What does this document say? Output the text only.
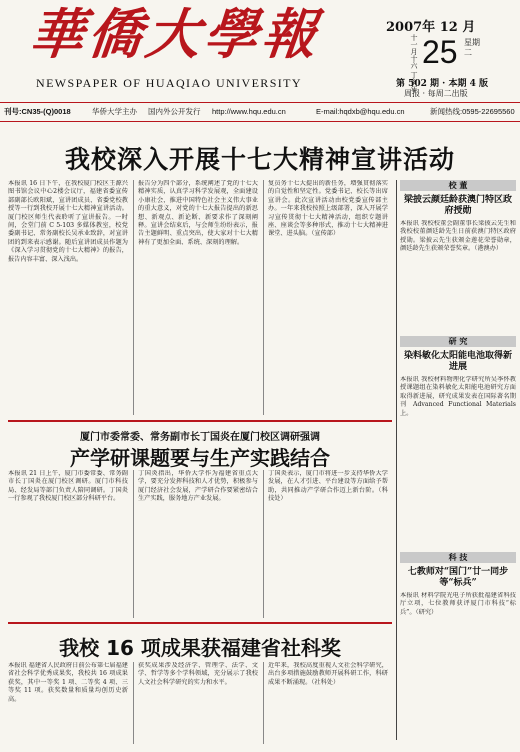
華僑大學報
NEWSPAPER OF HUAQIAO UNIVERSITY
2007年 12 月
十一月十六 丁亥年 25 星期二
第 502 期 · 本期 4 版
周报 · 每周二出版
刊号:CN35-(Q)0018	华侨大学主办 国内外公开发行 http://www.hqu.edu.cn	E-mail:hqdxb@hqu.edu.cn	新闻热线:0595-22695560
我校深入开展十七大精神宣讲活动
本报讯 16 日下午，在我校厦门校区王源兴图书馆会议中心2楼会议厅，福建省委宣传部副部长欧阳斌，宣讲团成员、省委党校教授等一行到我校开展十七大精神宣讲活动。厦门校区师生代表聆听了宣讲报告。一时间，会堂门前 C 5-103 多媒体教室，校党委副书记、常务副校长吴承业致辞，对宣讲团的到来表示感谢。随后宣讲团成员作题为《深入学习贯彻党的十七大精神》的报告，报告内容丰富、深入浅出。
报告分为四个部分，系统阐述了党的十七大精神实质，认真学习科学发展观，全面建设小康社会，推进中国特色社会主义伟大事业的重大意义，对党的十七大报告提出的新思想、新观点、新论断、新要求作了深刻阐释。宣讲会结束后，与会师生纷纷表示，报告主题鲜明、重点突出，使大家对十七大精神有了更加全面、系统、深刻的理解。
复员务十七大提出的新任务，增强贯彻落实的自觉性和坚定性。党委书记、校长等出席宣讲会。此次宣讲活动由校党委宣传部主办。一年来我校按照上级部署，深入开展学习宣传贯彻十七大精神活动，组织专题讲座、座谈会等多种形式，推动十七大精神进课堂、进头脑。（宣传部）
校 董
梁披云颜廷龄获澳门特区政府授勋
本报讯 我校校董会副董事长梁披云先生和我校校董颜廷龄先生日前获澳门特区政府授勋。梁披云先生获颁金莲花荣誉勋章，颜廷龄先生获颁荣誉奖章。（港澳办）
研 究
染料敏化太阳能电池取得新进展
本报讯 我校材料物理化学研究所吴季怀教授课题组在染料敏化太阳能电池研究方面取得新进展，研究成果发表在国际著名期刊 Advanced Functional Materials 上。
科 技
七教师对“国门”廿一同步等“标兵”
本报讯 材料学院光电子所获批福建省科技厅立项，七位教师获评厦门市科技“标兵”。（研究）
厦门市委常委、常务副市长丁国炎在厦门校区调研强调
产学研课题要与生产实践结合
本报讯 21 日上午，厦门市委常委、常务副市长丁国炎在厦门校区调研。厦门市科技局、经发局等部门负责人陪同调研。丁国炎一行参观了我校厦门校区部分科研平台。
丁国炎指出，华侨大学作为福建省重点大学，要充分发挥科技和人才优势，积极参与厦门经济社会发展，产学研合作要紧密结合生产实践，服务地方产业发展。
丁国炎表示，厦门市将进一步支持华侨大学发展，在人才引进、平台建设等方面给予帮助，共同推动产学研合作迈上新台阶。（科技处）
我校 16 项成果获福建省社科奖
本报讯 福建省人民政府日前公布第七届福建省社会科学优秀成果奖，我校共 16 项成果获奖，其中一等奖 1 项、二等奖 4 项、三等奖 11 项。获奖数量和质量均创历史新高。
获奖成果涉及经济学、管理学、法学、文学、哲学等多个学科领域，充分展示了我校人文社会科学研究的实力和水平。
近年来，我校高度重视人文社会科学研究，出台多项措施鼓励教师开展科研工作，科研成果不断涌现。（社科处）
